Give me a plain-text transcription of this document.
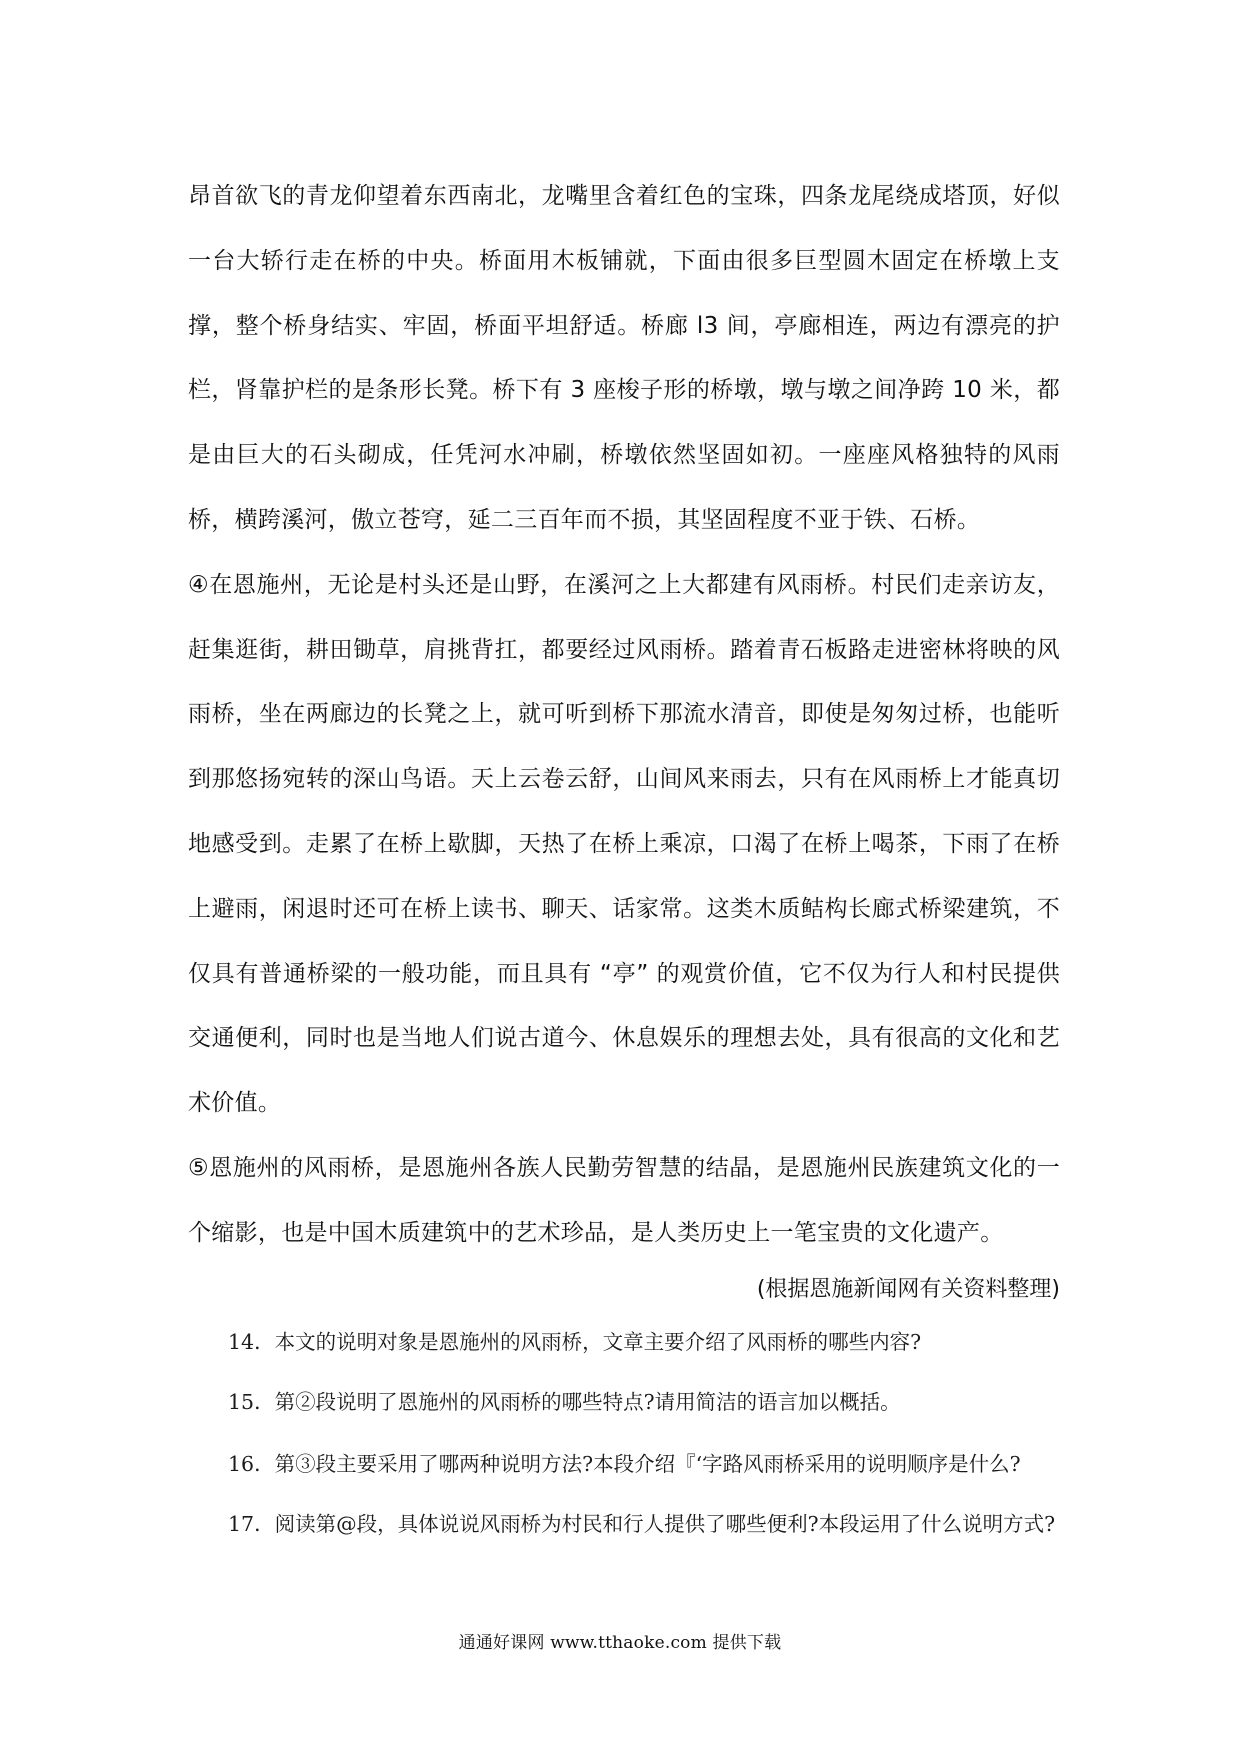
昂首欲飞的青龙仰望着东西南北，龙嘴里含着红色的宝珠，四条龙尾绕成塔顶，好似一台大轿行走在桥的中央。桥面用木板铺就，下面由很多巨型圆木固定在桥墩上支撑，整个桥身结实、牢固，桥面平坦舒适。桥廊 l3 间，亭廊相连，两边有漂亮的护栏，肾靠护栏的是条形长凳。桥下有 3 座梭子形的桥墩，墩与墩之间净跨 10 米，都是由巨大的石头砌成，任凭河水冲刷，桥墩依然坚固如初。一座座风格独特的风雨桥，横跨溪河，傲立苍穹，延二三百年而不损，其坚固程度不亚于铁、石桥。

④在恩施州，无论是村头还是山野，在溪河之上大都建有风雨桥。村民们走亲访友，赶集逛街，耕田锄草，肩挑背扛，都要经过风雨桥。踏着青石板路走进密林将映的风雨桥，坐在两廊边的长凳之上，就可听到桥下那流水清音，即使是匆匆过桥，也能听到那悠扬宛转的深山鸟语。天上云卷云舒，山间风来雨去，只有在风雨桥上才能真切地感受到。走累了在桥上歇脚，天热了在桥上乘凉，口渴了在桥上喝茶，下雨了在桥上避雨，闲退时还可在桥上读书、聊天、话家常。这类木质鲒构长廊式桥梁建筑，不仅具有普通桥梁的一般功能，而且具有 “亭” 的观赏价值，它不仅为行人和村民提供交通便利，同时也是当地人们说古道今、休息娱乐的理想去处，具有很高的文化和艺术价值。

⑤恩施州的风雨桥，是恩施州各族人民勤劳智慧的结晶，是恩施州民族建筑文化的一个缩影，也是中国木质建筑中的艺术珍品，是人类历史上一笔宝贵的文化遗产。

(根据恩施新闻网有关资料整理)

14．本文的说明对象是恩施州的风雨桥，文章主要介绍了风雨桥的哪些内容?

15．第②段说明了恩施州的风雨桥的哪些特点?请用简洁的语言加以概括。

16．第③段主要采用了哪两种说明方法?本段介绍『‘字路风雨桥采用的说明顺序是什么?

17．阅读第@段，具体说说风雨桥为村民和行人提供了哪些便利?本段运用了什么说明方式?

通通好课网 www.tthaoke.com 提供下载
